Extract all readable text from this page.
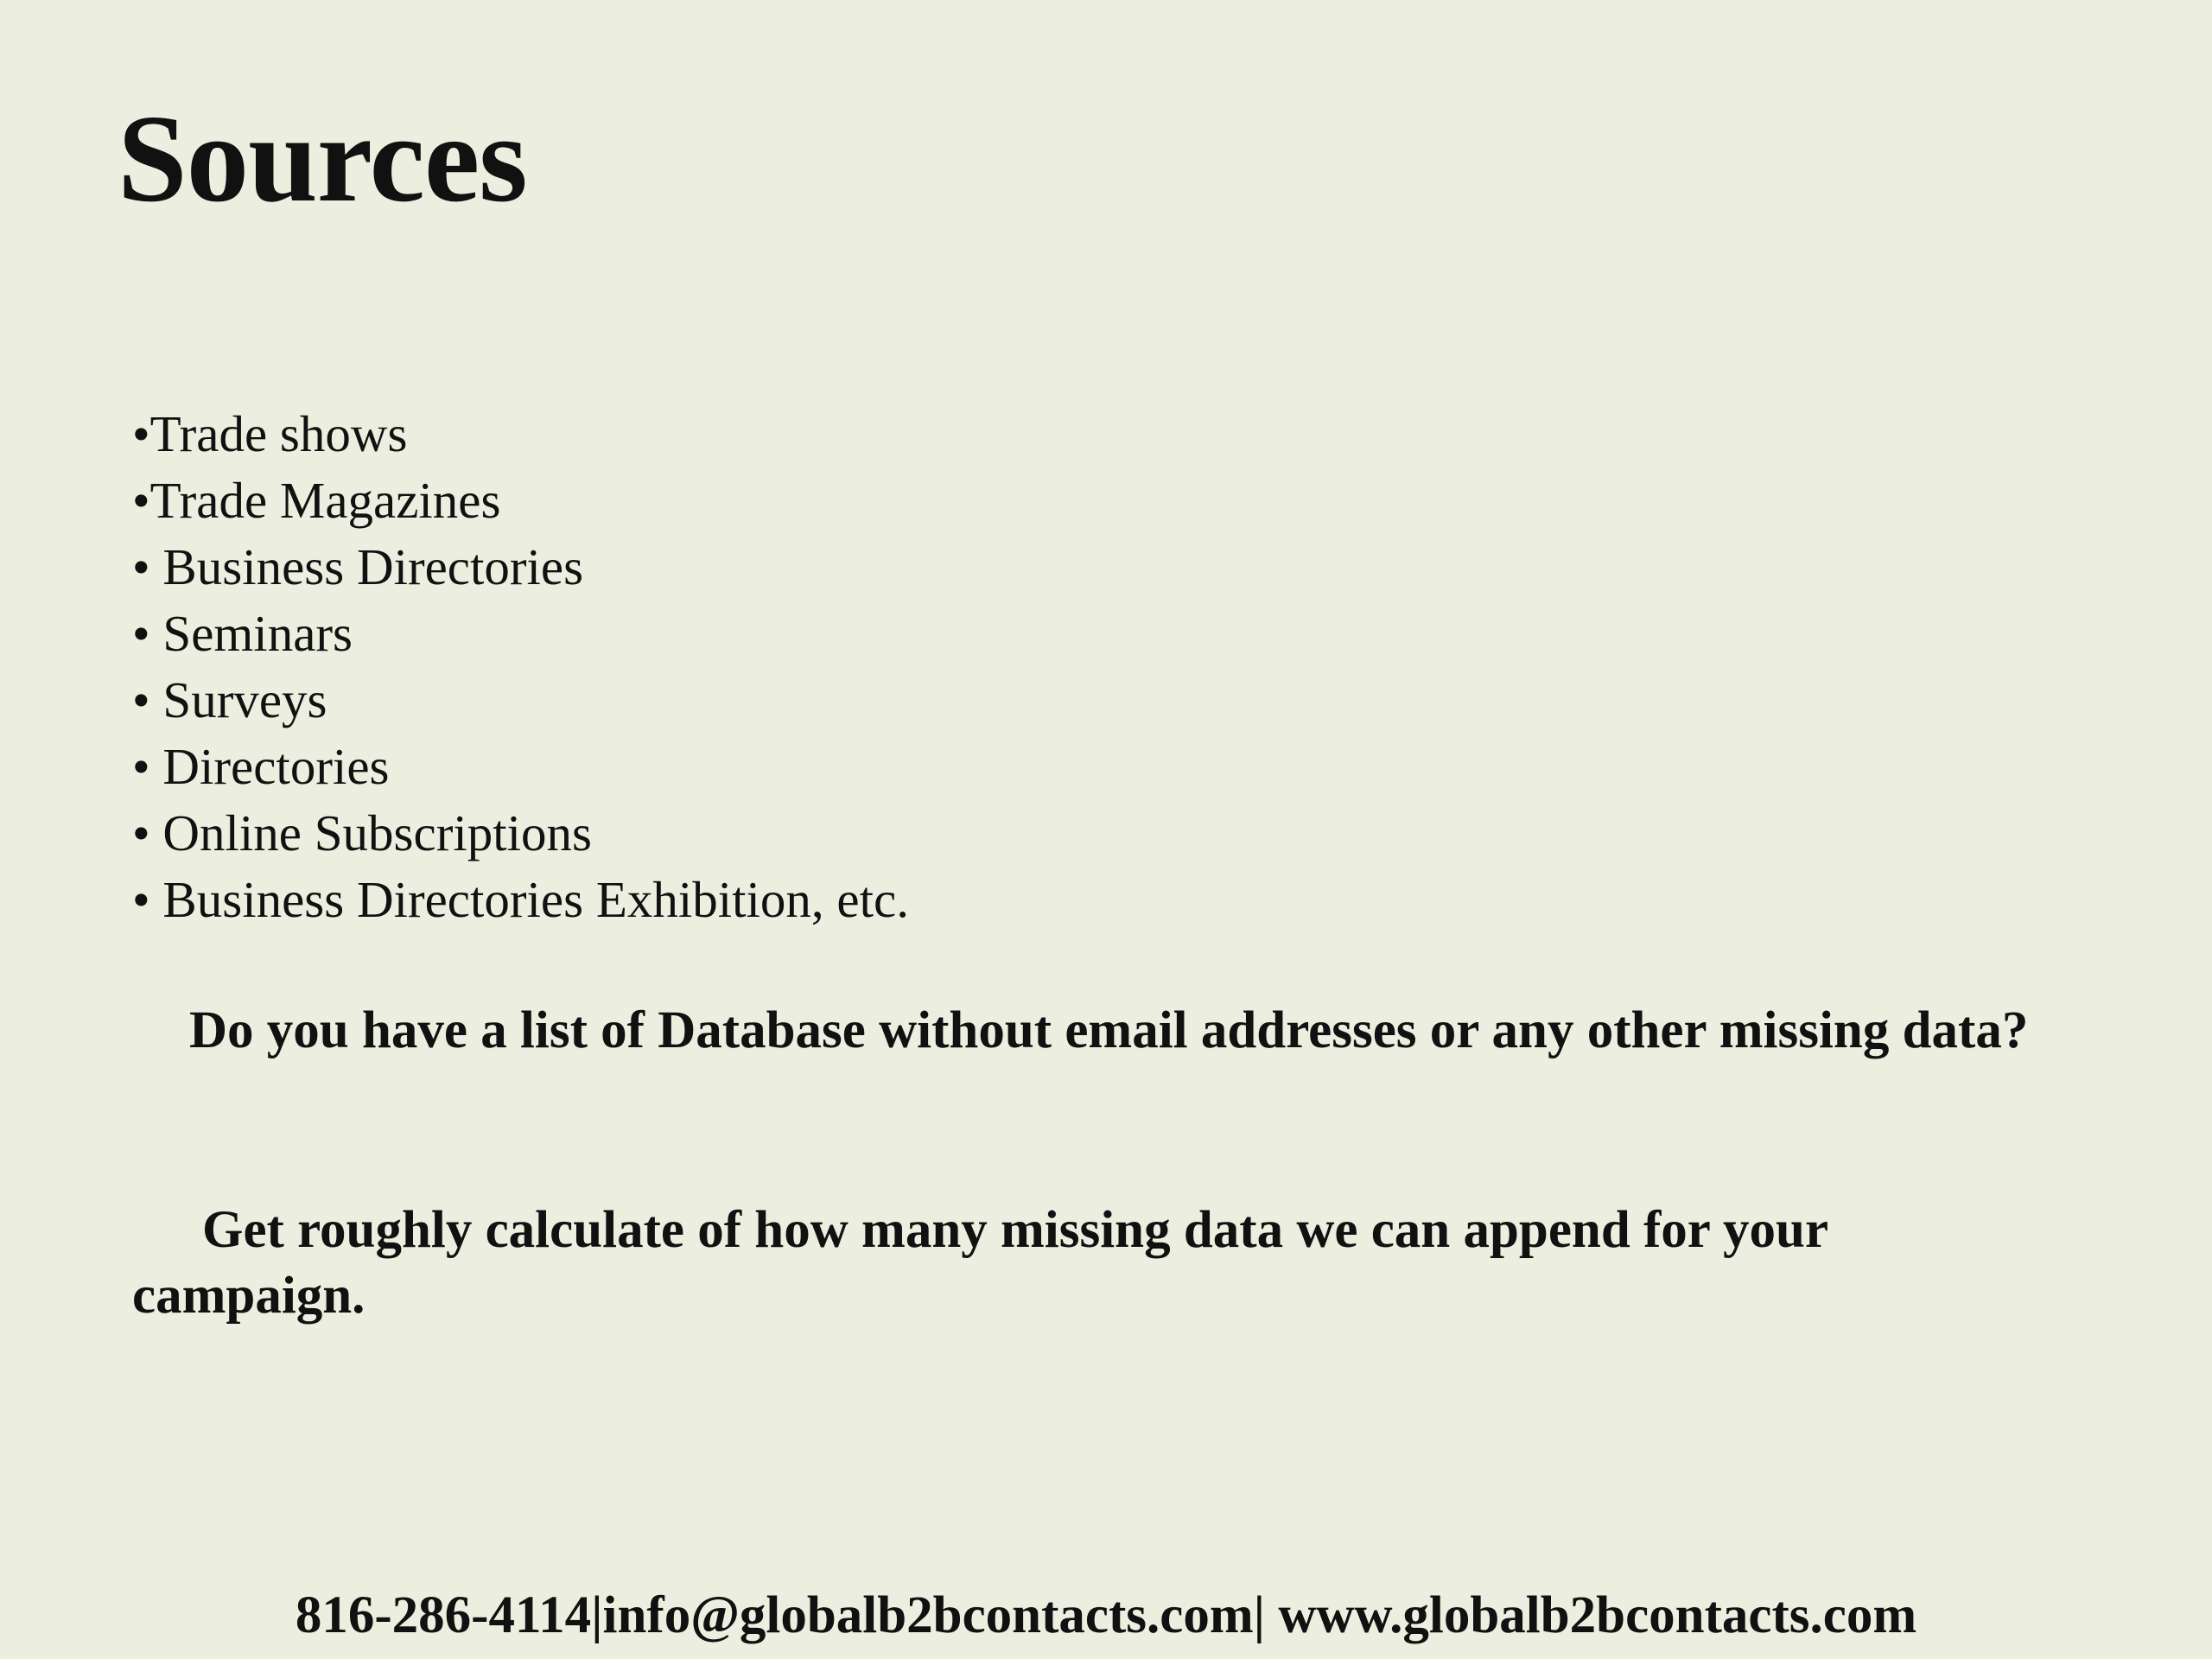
Sources
•Trade shows
•Trade Magazines
• Business Directories
• Seminars
• Surveys
• Directories
• Online Subscriptions
• Business Directories Exhibition, etc.

Do you have a list of Database without email addresses or any other missing data?

Get roughly calculate of how many missing data we can append for your campaign.

816-286-4114|info@globalb2bcontacts.com| www.globalb2bcontacts.com
